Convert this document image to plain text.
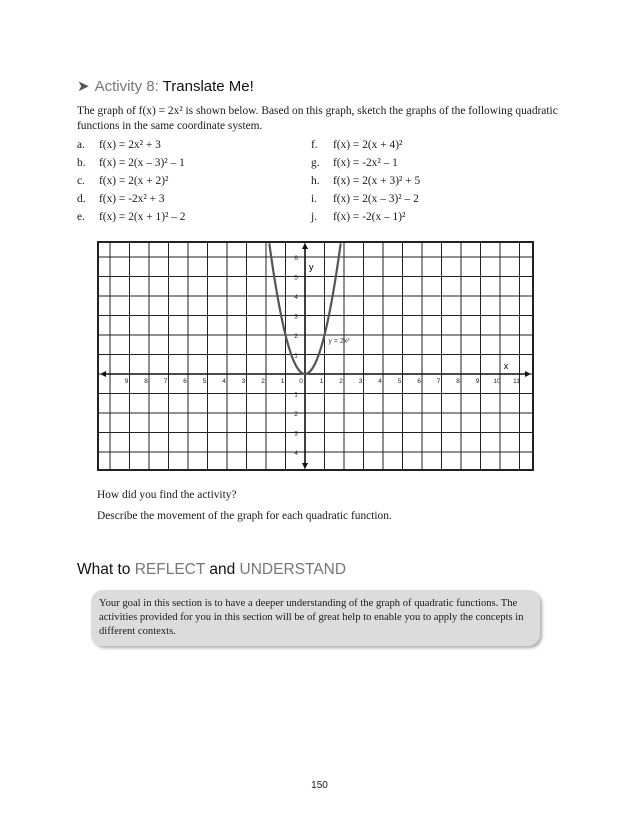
➤ Activity 8: Translate Me!
The graph of f(x) = 2x² is shown below. Based on this graph, sketch the graphs of the following quadratic functions in the same coordinate system.
a. f(x) = 2x² + 3
b. f(x) = 2(x – 3)² – 1
c. f(x) = 2(x + 2)²
d. f(x) = -2x² + 3
e. f(x) = 2(x + 1)² – 2
f. f(x) = 2(x + 4)²
g. f(x) = -2x² – 1
h. f(x) = 2(x + 3)² + 5
i. f(x) = 2(x – 3)² – 2
j. f(x) = -2(x – 1)²
9 8 7 6 5 4 3 2 1 0	1 2 3 4 5 6 7 8 9 10 11
6
5
4
3
2
1
1
2
3
4
x
y
y = 2x²
How did you find the activity?
Describe the movement of the graph for each quadratic function.
What to REFLECT and UNDERSTAND
Your goal in this section is to have a deeper understanding of the graph of quadratic functions. The activities provided for you in this section will be of great help to enable you to apply the concepts in different contexts.
150
